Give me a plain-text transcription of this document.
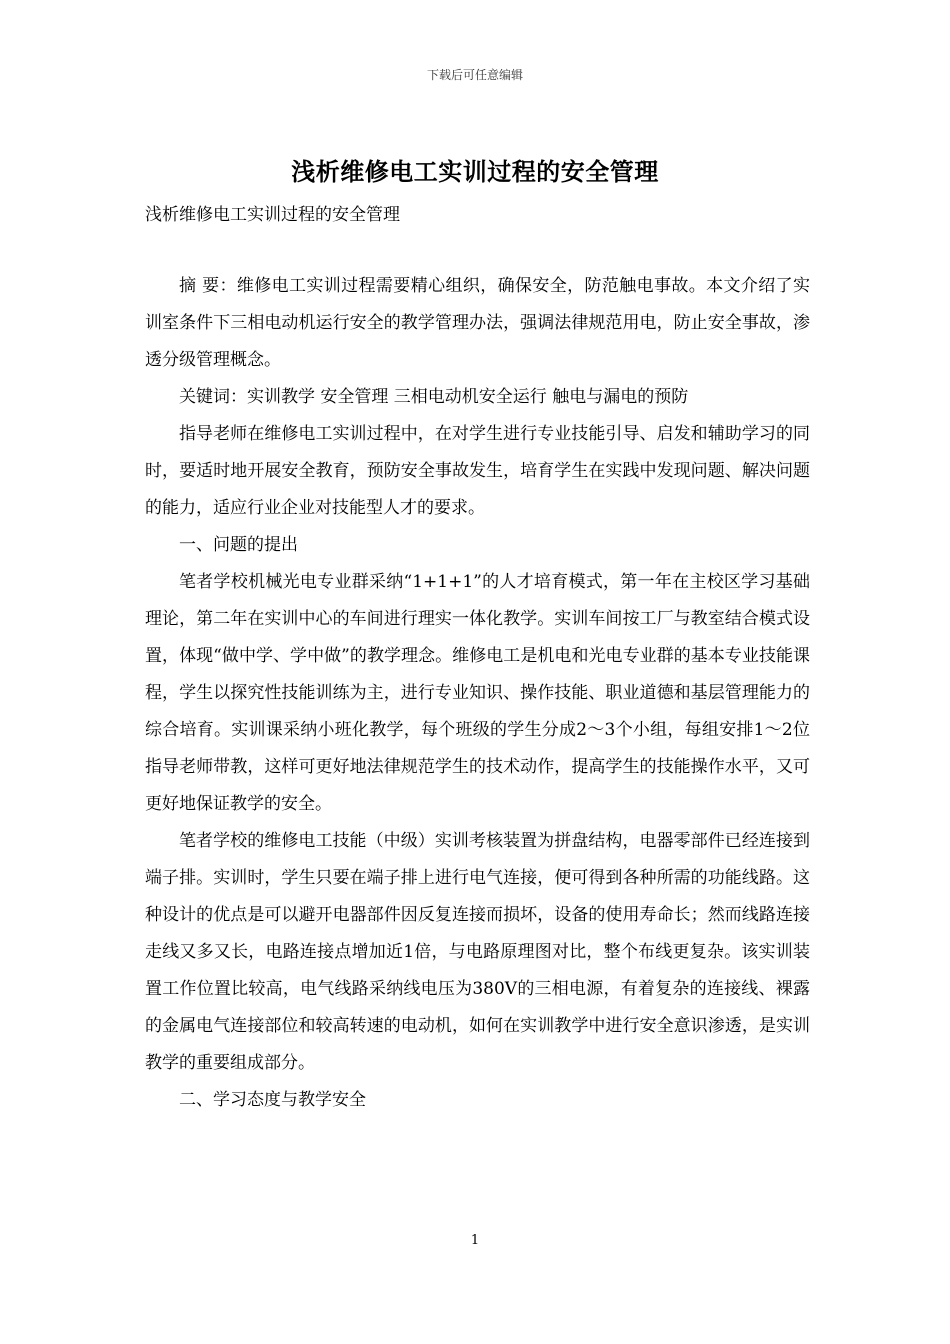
下载后可任意编辑
浅析维修电工实训过程的安全管理
浅析维修电工实训过程的安全管理

摘 要：维修电工实训过程需要精心组织，确保安全，防范触电事故。本文介绍了实训室条件下三相电动机运行安全的教学管理办法，强调法律规范用电，防止安全事故，渗透分级管理概念。

关键词：实训教学 安全管理 三相电动机安全运行 触电与漏电的预防

指导老师在维修电工实训过程中，在对学生进行专业技能引导、启发和辅助学习的同时，要适时地开展安全教育，预防安全事故发生，培育学生在实践中发现问题、解决问题的能力，适应行业企业对技能型人才的要求。

一、问题的提出

笔者学校机械光电专业群采纳“1+1+1”的人才培育模式，第一年在主校区学习基础理论，第二年在实训中心的车间进行理实一体化教学。实训车间按工厂与教室结合模式设置，体现“做中学、学中做”的教学理念。维修电工是机电和光电专业群的基本专业技能课程，学生以探究性技能训练为主，进行专业知识、操作技能、职业道德和基层管理能力的综合培育。实训课采纳小班化教学，每个班级的学生分成2～3个小组，每组安排1～2位指导老师带教，这样可更好地法律规范学生的技术动作，提高学生的技能操作水平，又可更好地保证教学的安全。

笔者学校的维修电工技能（中级）实训考核装置为拼盘结构，电器零部件已经连接到端子排。实训时，学生只要在端子排上进行电气连接，便可得到各种所需的功能线路。这种设计的优点是可以避开电器部件因反复连接而损坏，设备的使用寿命长；然而线路连接走线又多又长，电路连接点增加近1倍，与电路原理图对比，整个布线更复杂。该实训装置工作位置比较高，电气线路采纳线电压为380V的三相电源，有着复杂的连接线、裸露的金属电气连接部位和较高转速的电动机，如何在实训教学中进行安全意识渗透，是实训教学的重要组成部分。

二、学习态度与教学安全

1
